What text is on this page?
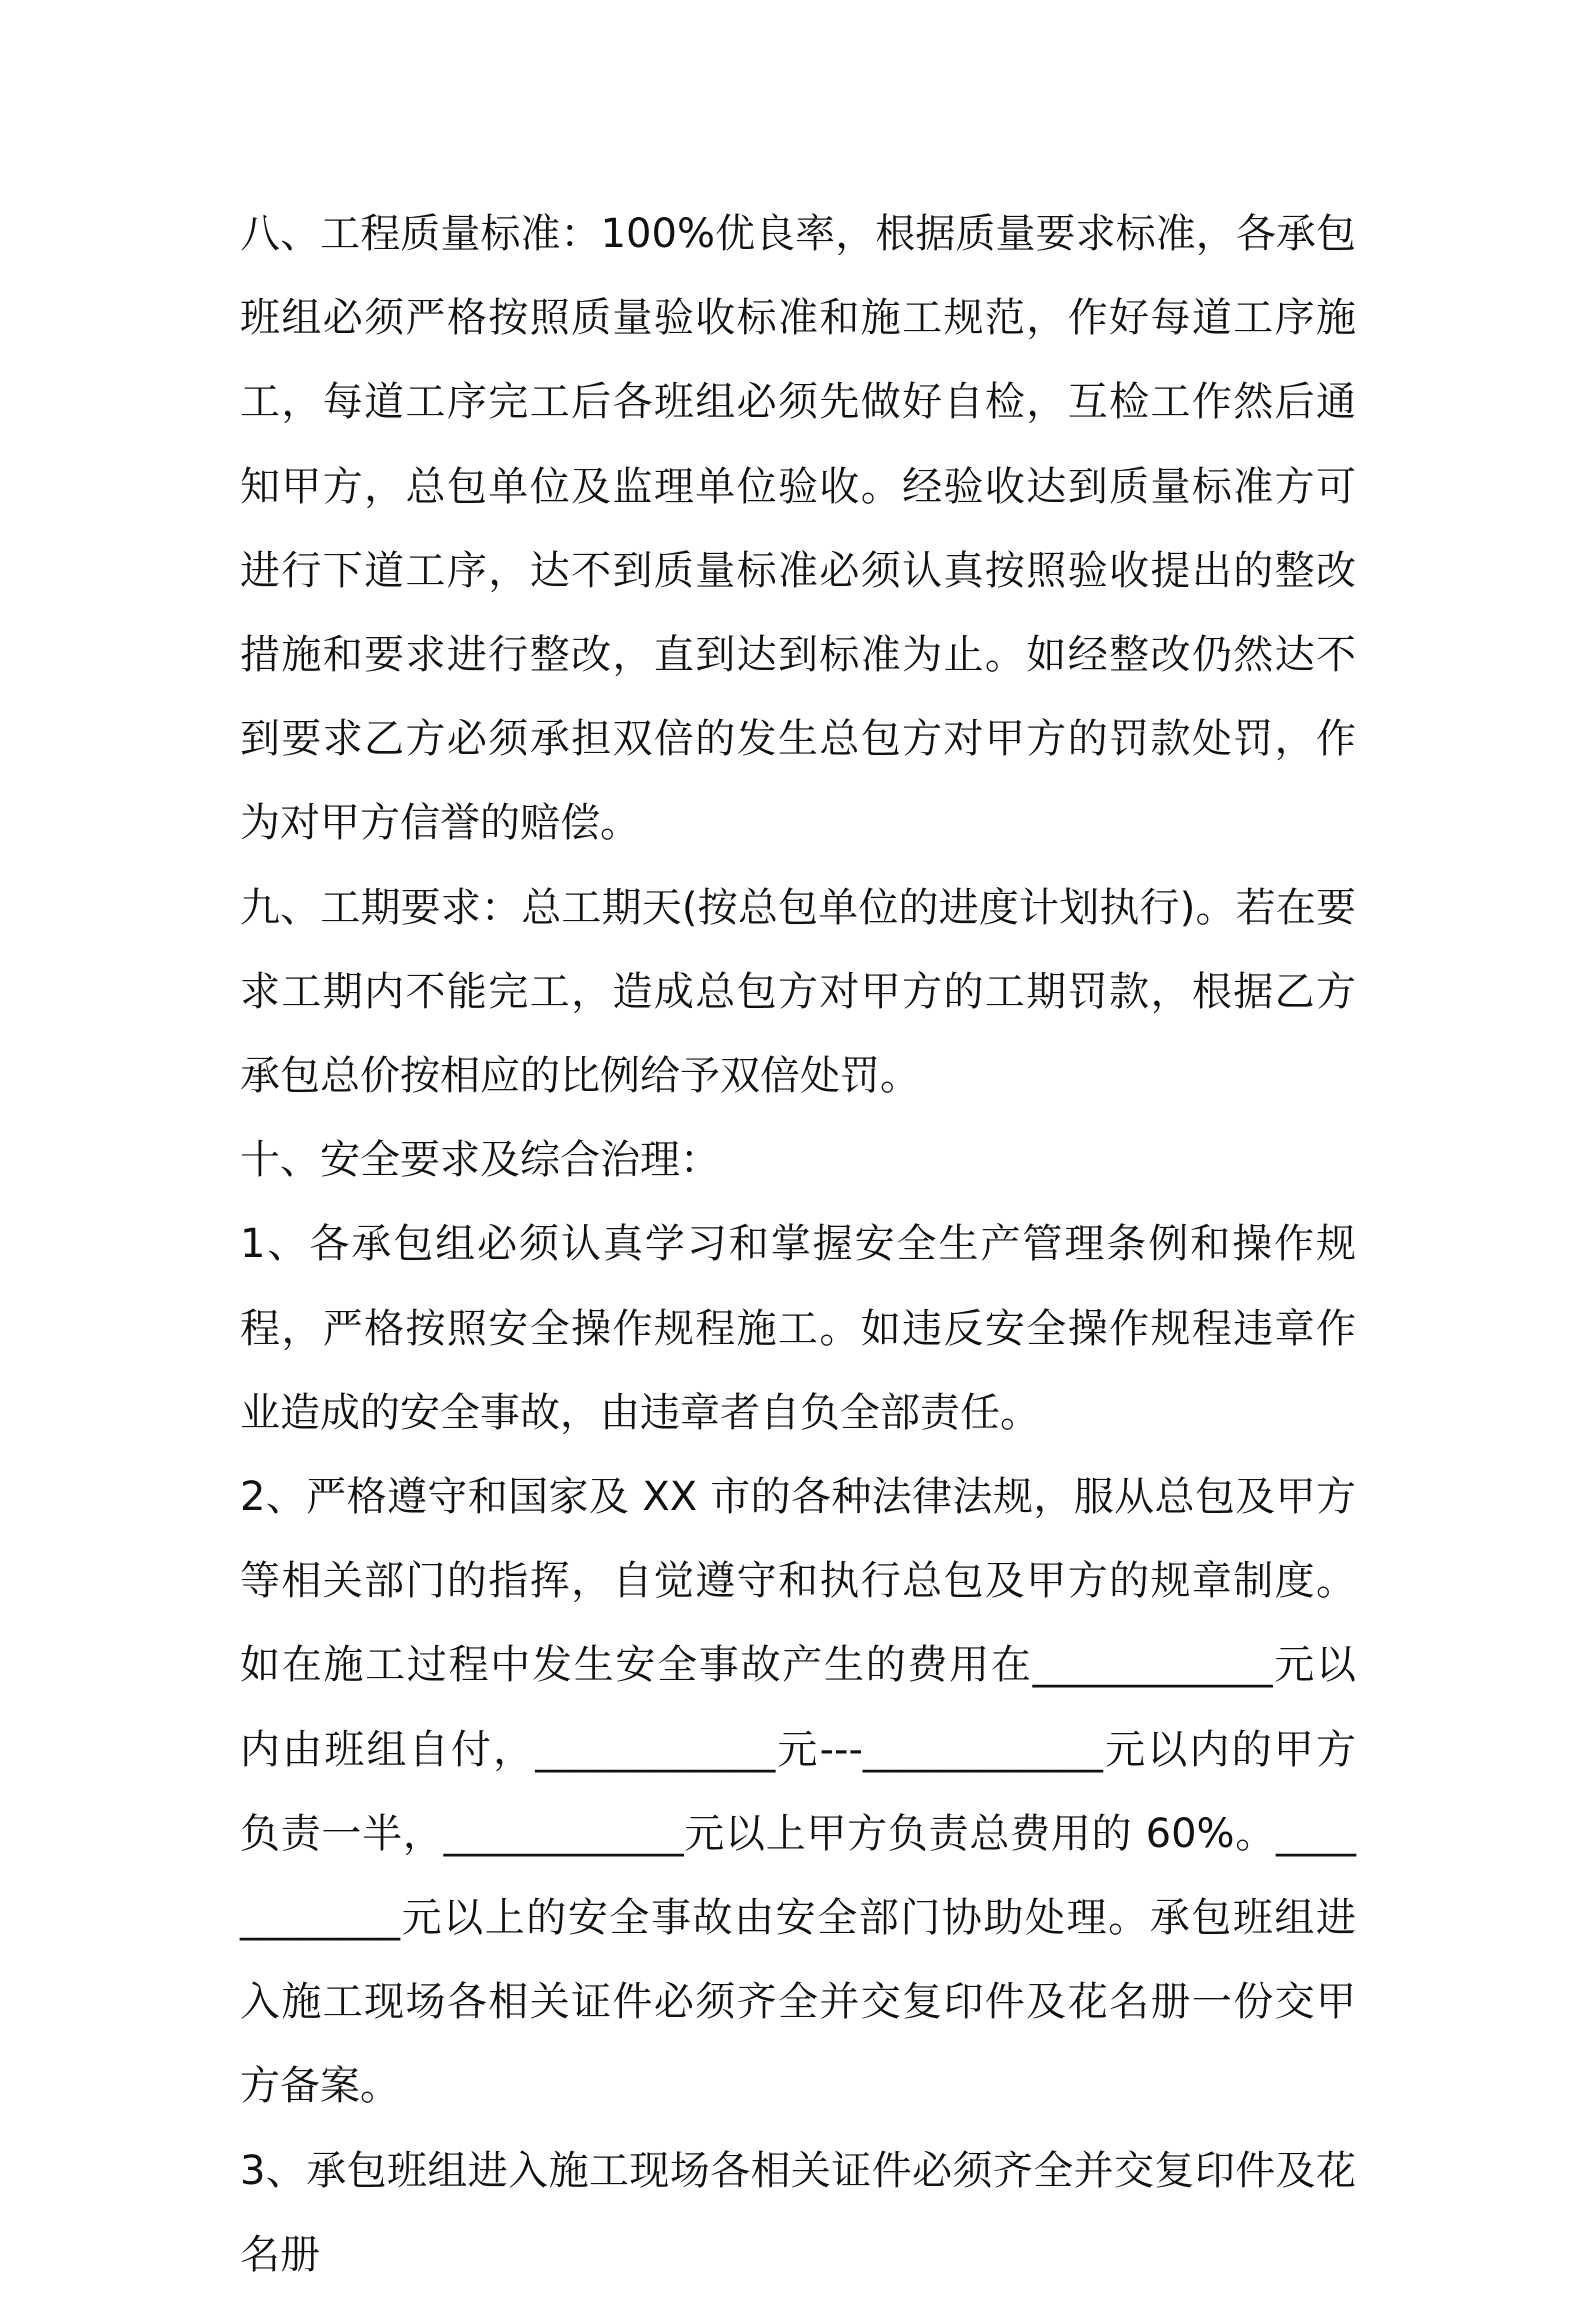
八、工程质量标准：100%优良率，根据质量要求标准，各承包班组必须严格按照质量验收标准和施工规范，作好每道工序施工，每道工序完工后各班组必须先做好自检，互检工作然后通知甲方，总包单位及监理单位验收。经验收达到质量标准方可进行下道工序，达不到质量标准必须认真按照验收提出的整改措施和要求进行整改，直到达到标准为止。如经整改仍然达不到要求乙方必须承担双倍的发生总包方对甲方的罚款处罚，作为对甲方信誉的赔偿。

九、工期要求：总工期天(按总包单位的进度计划执行)。若在要求工期内不能完工，造成总包方对甲方的工期罚款，根据乙方承包总价按相应的比例给予双倍处罚。

十、安全要求及综合治理：

1、各承包组必须认真学习和掌握安全生产管理条例和操作规程，严格按照安全操作规程施工。如违反安全操作规程违章作业造成的安全事故，由违章者自负全部责任。

2、严格遵守和国家及 XX 市的各种法律法规，服从总包及甲方等相关部门的指挥，自觉遵守和执行总包及甲方的规章制度。如在施工过程中发生安全事故产生的费用在____________元以内由班组自付，____________元---____________元以内的甲方负责一半，____________元以上甲方负责总费用的 60%。____________元以上的安全事故由安全部门协助处理。承包班组进入施工现场各相关证件必须齐全并交复印件及花名册一份交甲方备案。

3、承包班组进入施工现场各相关证件必须齐全并交复印件及花名册
